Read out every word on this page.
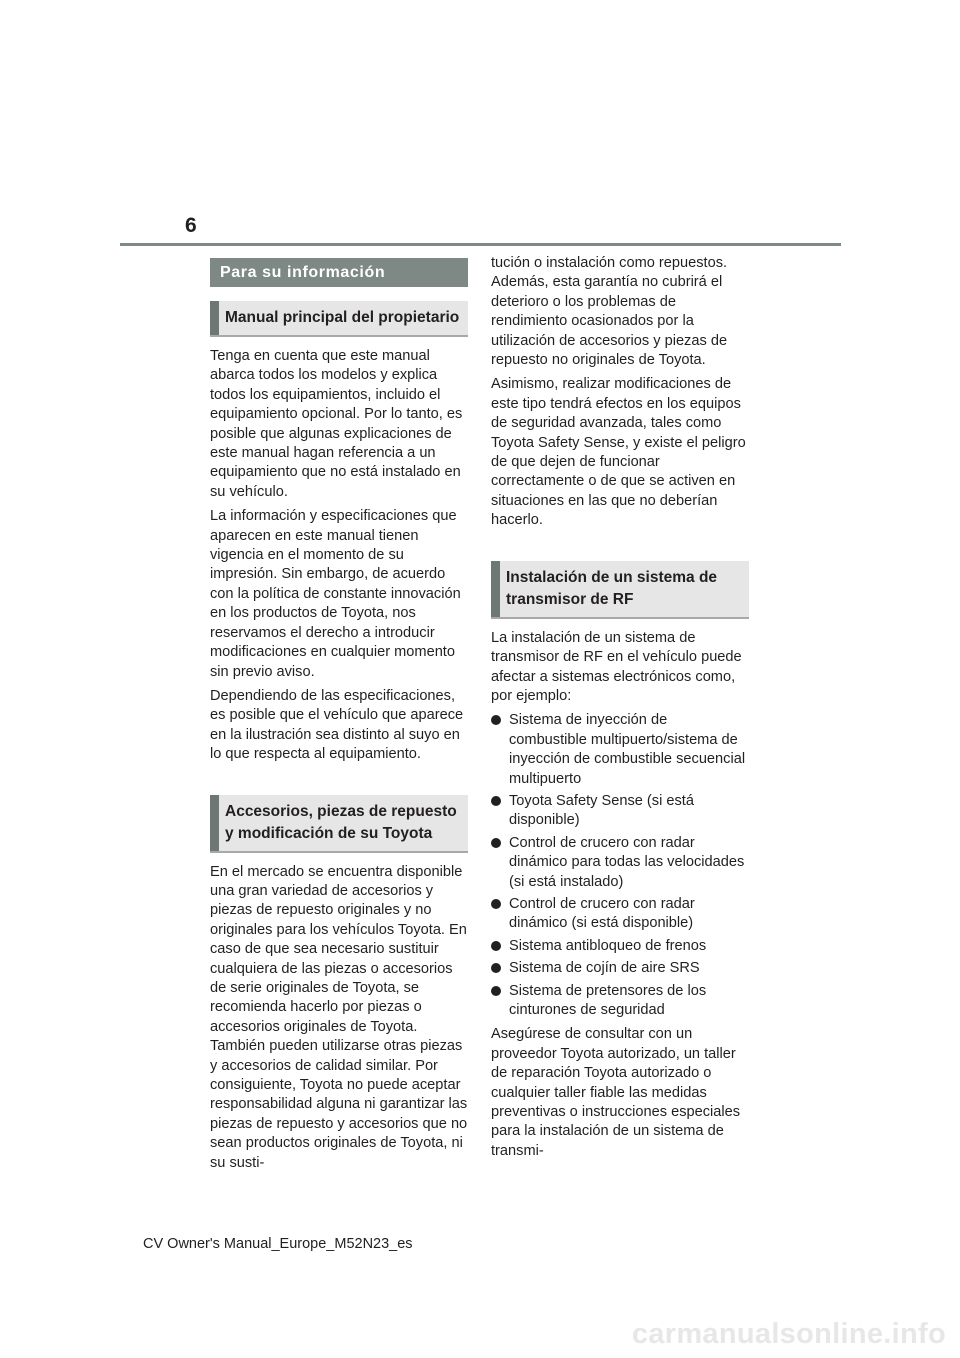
6
Para su información
Manual principal del propietario

Tenga en cuenta que este manual abarca todos los modelos y explica todos los equipamientos, incluido el equipamiento opcional. Por lo tanto, es posible que algunas explicaciones de este manual hagan referencia a un equipamiento que no está instalado en su vehículo.

La información y especificaciones que aparecen en este manual tienen vigencia en el momento de su impresión. Sin embargo, de acuerdo con la política de constante innovación en los productos de Toyota, nos reservamos el derecho a introducir modificaciones en cualquier momento sin previo aviso.

Dependiendo de las especificaciones, es posible que el vehículo que aparece en la ilustración sea distinto al suyo en lo que respecta al equipamiento.

Accesorios, piezas de repuesto y modificación de su Toyota

En el mercado se encuentra disponible una gran variedad de accesorios y piezas de repuesto originales y no originales para los vehículos Toyota. En caso de que sea necesario sustituir cualquiera de las piezas o accesorios de serie originales de Toyota, se recomienda hacerlo por piezas o accesorios originales de Toyota. También pueden utilizarse otras piezas y accesorios de calidad similar. Por consiguiente, Toyota no puede aceptar responsabilidad alguna ni garantizar las piezas de repuesto y accesorios que no sean productos originales de Toyota, ni su susti-

tución o instalación como repuestos. Además, esta garantía no cubrirá el deterioro o los problemas de rendimiento ocasionados por la utilización de accesorios y piezas de repuesto no originales de Toyota.

Asimismo, realizar modificaciones de este tipo tendrá efectos en los equipos de seguridad avanzada, tales como Toyota Safety Sense, y existe el peligro de que dejen de funcionar correctamente o de que se activen en situaciones en las que no deberían hacerlo.

Instalación de un sistema de transmisor de RF

La instalación de un sistema de transmisor de RF en el vehículo puede afectar a sistemas electrónicos como, por ejemplo:

Sistema de inyección de combustible multipuerto/sistema de inyección de combustible secuencial multipuerto
Toyota Safety Sense (si está disponible)
Control de crucero con radar dinámico para todas las velocidades (si está instalado)
Control de crucero con radar dinámico (si está disponible)
Sistema antibloqueo de frenos
Sistema de cojín de aire SRS
Sistema de pretensores de los cinturones de seguridad

Asegúrese de consultar con un proveedor Toyota autorizado, un taller de reparación Toyota autorizado o cualquier taller fiable las medidas preventivas o instrucciones especiales para la instalación de un sistema de transmi-

CV Owner's Manual_Europe_M52N23_es
carmanualsonline.info
